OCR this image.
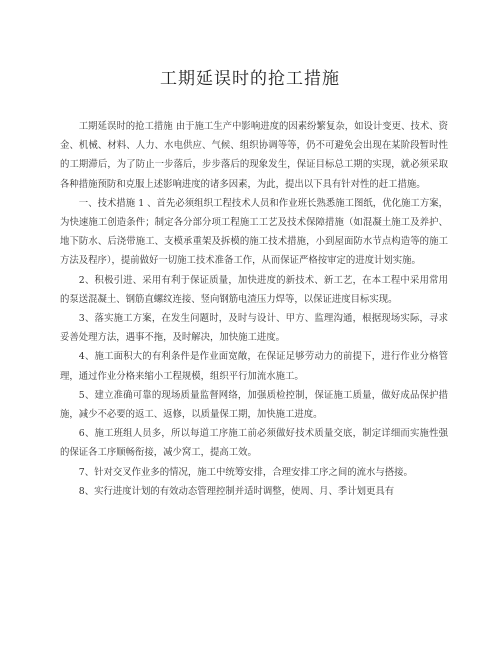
工期延误时的抢工措施

工期延误时的抢工措施 由于施工生产中影响进度的因素纷繁复杂，如设计变更、技术、资金、机械、材料、人力、水电供应、气候、组织协调等等，仍不可避免会出现在某阶段暂时性的工期滞后，为了防止一步落后，步步落后的现象发生，保证目标总工期的实现，就必须采取各种措施预防和克服上述影响进度的诸多因素，为此，提出以下具有针对性的赶工措施。

一、技术措施 1 、首先必须组织工程技术人员和作业班长熟悉施工图纸，优化施工方案，为快速施工创造条件；制定各分部分项工程施工工艺及技术保障措施（如混凝土施工及养护、地下防水、后浇带施工、支模承重架及拆模的施工技术措施，小到屋面防水节点构造等的施工方法及程序），提前做好一切施工技术准备工作，从而保证严格按审定的进度计划实施。

2、积极引进、采用有利于保证质量，加快进度的新技术、新工艺，在本工程中采用常用的泵送混凝土、钢筋直螺纹连接、竖向钢筋电渣压力焊等，以保证进度目标实现。

3、落实施工方案，在发生问题时，及时与设计、甲方、监理沟通，根据现场实际，寻求妥善处理方法，遇事不拖，及时解决，加快施工进度。

4、施工面积大的有利条件是作业面宽敞，在保证足够劳动力的前提下，进行作业分格管理，通过作业分格来缩小工程规模，组织平行加流水施工。

5、建立准确可靠的现场质量监督网络，加强质检控制，保证施工质量，做好成品保护措施，减少不必要的返工、返修，以质量保工期，加快施工进度。

6、施工班组人员多，所以每道工序施工前必须做好技术质量交底，制定详细而实施性强的保证各工序顺畅衔接，减少窝工，提高工效。

7、针对交叉作业多的情况，施工中统筹安排，合理安排工序之间的流水与搭接。

8、实行进度计划的有效动态管理控制并适时调整，使周、月、季计划更具有
